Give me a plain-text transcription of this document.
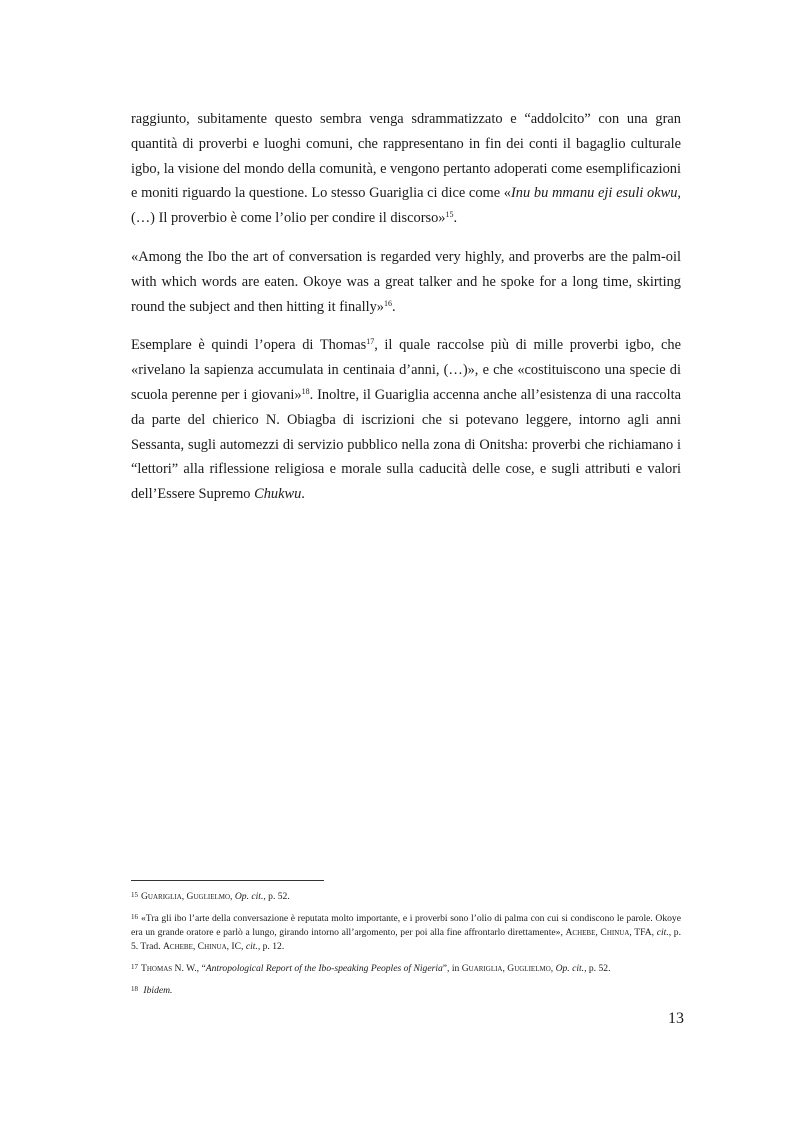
raggiunto, subitamente questo sembra venga sdrammatizzato e “addolcito” con una gran quantità di proverbi e luoghi comuni, che rappresentano in fin dei conti il bagaglio culturale igbo, la visione del mondo della comunità, e vengono pertanto adoperati come esemplificazioni e moniti riguardo la questione. Lo stesso Guariglia ci dice come «Inu bu mmanu eji esuli okwu, (…) Il proverbio è come l’olio per condire il discorso»$^{15}$.

«Among the Ibo the art of conversation is regarded very highly, and proverbs are the palm-oil with which words are eaten. Okoye was a great talker and he spoke for a long time, skirting round the subject and then hitting it finally»$^{16}$.

Esemplare è quindi l’opera di Thomas$^{17}$, il quale raccolse più di mille proverbi igbo, che «rivelano la sapienza accumulata in centinaia d’anni, (…)», e che «costituiscono una specie di scuola perenne per i giovani»$^{18}$. Inoltre, il Guariglia accenna anche all’esistenza di una raccolta da parte del chierico N. Obiagba di iscrizioni che si potevano leggere, intorno agli anni Sessanta, sugli automezzi di servizio pubblico nella zona di Onitsha: proverbi che richiamano i “lettori” alla riflessione religiosa e morale sulla caducità delle cose, e sugli attributi e valori dell’Essere Supremo Chukwu.

$^{15}$ Guariglia, Guglielmo, Op. cit., p. 52.
$^{16}$ «Tra gli ibo l’arte della conversazione è reputata molto importante, e i proverbi sono l’olio di palma con cui si condiscono le parole. Okoye era un grande oratore e parlò a lungo, girando intorno all’argomento, per poi alla fine affrontarlo direttamente», Achebe, Chinua, TFA, cit., p. 5. Trad. Achebe, Chinua, IC, cit., p. 12.
$^{17}$ Thomas N. W., “Antropological Report of the Ibo-speaking Peoples of Nigeria”, in Guariglia, Guglielmo, Op. cit., p. 52.
$^{18}$ Ibidem.
13
